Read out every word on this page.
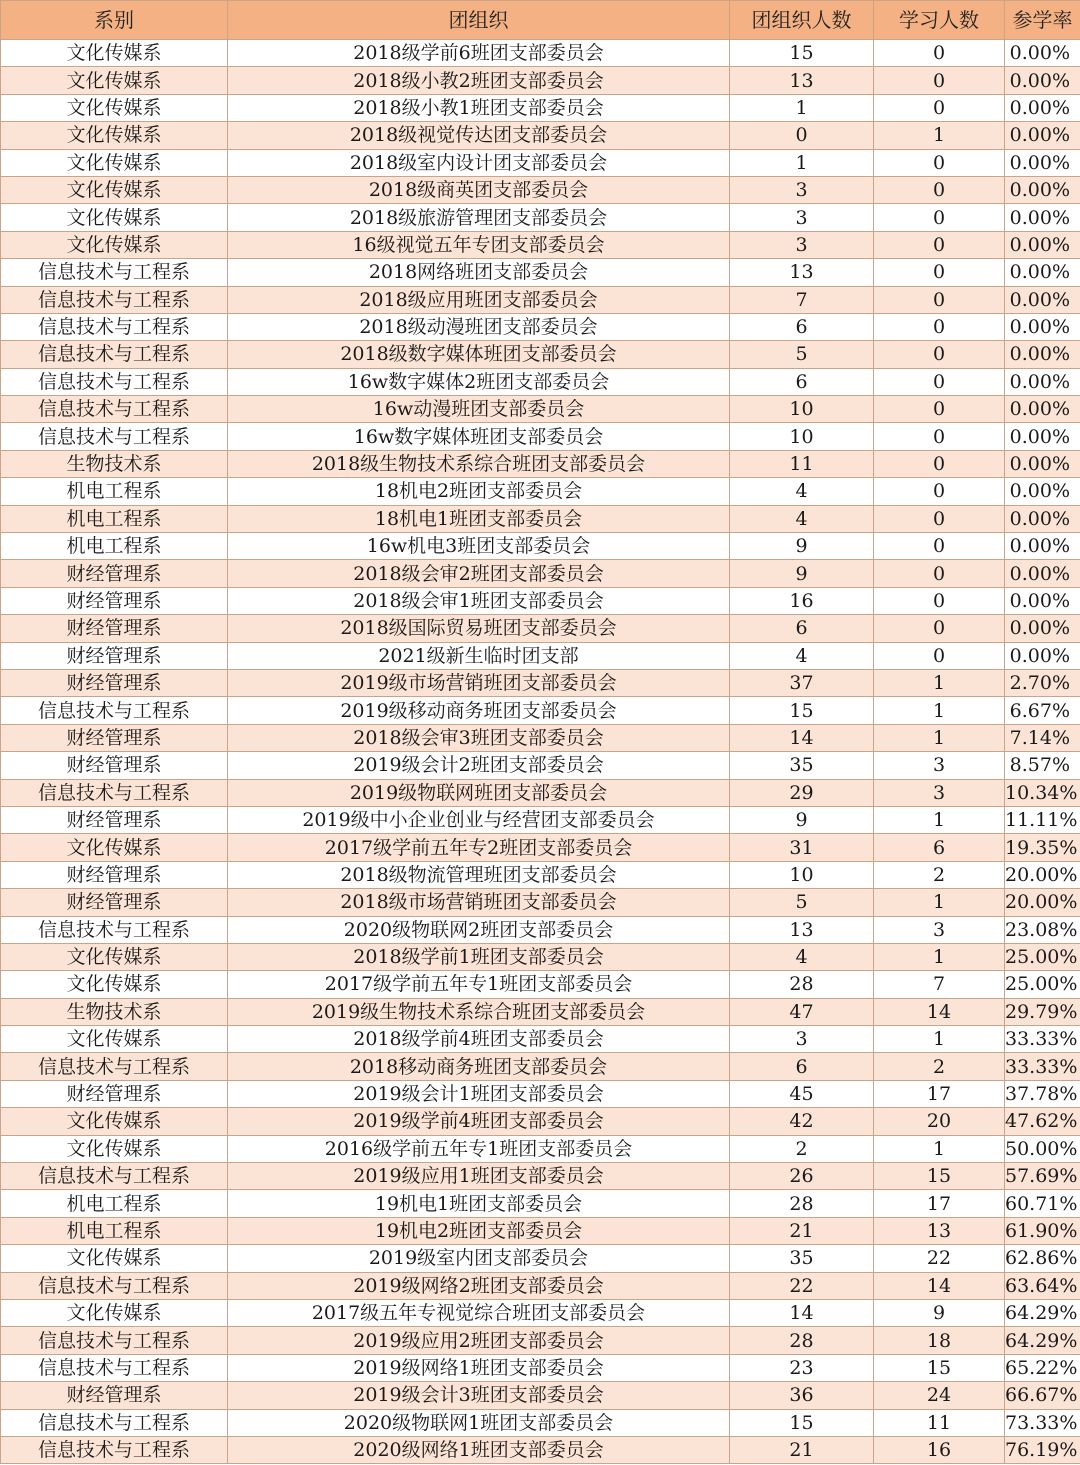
系别	团组织	团组织人数	学习人数	参学率
文化传媒系	2018级学前6班团支部委员会	15	0	0.00%
文化传媒系	2018级小教2班团支部委员会	13	0	0.00%
文化传媒系	2018级小教1班团支部委员会	1	0	0.00%
文化传媒系	2018级视觉传达团支部委员会	0	1	0.00%
文化传媒系	2018级室内设计团支部委员会	1	0	0.00%
文化传媒系	2018级商英团支部委员会	3	0	0.00%
文化传媒系	2018级旅游管理团支部委员会	3	0	0.00%
文化传媒系	16级视觉五年专团支部委员会	3	0	0.00%
信息技术与工程系	2018网络班团支部委员会	13	0	0.00%
信息技术与工程系	2018级应用班团支部委员会	7	0	0.00%
信息技术与工程系	2018级动漫班团支部委员会	6	0	0.00%
信息技术与工程系	2018级数字媒体班团支部委员会	5	0	0.00%
信息技术与工程系	16w数字媒体2班团支部委员会	6	0	0.00%
信息技术与工程系	16w动漫班团支部委员会	10	0	0.00%
信息技术与工程系	16w数字媒体班团支部委员会	10	0	0.00%
生物技术系	2018级生物技术系综合班团支部委员会	11	0	0.00%
机电工程系	18机电2班团支部委员会	4	0	0.00%
机电工程系	18机电1班团支部委员会	4	0	0.00%
机电工程系	16w机电3班团支部委员会	9	0	0.00%
财经管理系	2018级会审2班团支部委员会	9	0	0.00%
财经管理系	2018级会审1班团支部委员会	16	0	0.00%
财经管理系	2018级国际贸易班团支部委员会	6	0	0.00%
财经管理系	2021级新生临时团支部	4	0	0.00%
财经管理系	2019级市场营销班团支部委员会	37	1	2.70%
信息技术与工程系	2019级移动商务班团支部委员会	15	1	6.67%
财经管理系	2018级会审3班团支部委员会	14	1	7.14%
财经管理系	2019级会计2班团支部委员会	35	3	8.57%
信息技术与工程系	2019级物联网班团支部委员会	29	3	10.34%
财经管理系	2019级中小企业创业与经营团支部委员会	9	1	11.11%
文化传媒系	2017级学前五年专2班团支部委员会	31	6	19.35%
财经管理系	2018级物流管理班团支部委员会	10	2	20.00%
财经管理系	2018级市场营销班团支部委员会	5	1	20.00%
信息技术与工程系	2020级物联网2班团支部委员会	13	3	23.08%
文化传媒系	2018级学前1班团支部委员会	4	1	25.00%
文化传媒系	2017级学前五年专1班团支部委员会	28	7	25.00%
生物技术系	2019级生物技术系综合班团支部委员会	47	14	29.79%
文化传媒系	2018级学前4班团支部委员会	3	1	33.33%
信息技术与工程系	2018移动商务班团支部委员会	6	2	33.33%
财经管理系	2019级会计1班团支部委员会	45	17	37.78%
文化传媒系	2019级学前4班团支部委员会	42	20	47.62%
文化传媒系	2016级学前五年专1班团支部委员会	2	1	50.00%
信息技术与工程系	2019级应用1班团支部委员会	26	15	57.69%
机电工程系	19机电1班团支部委员会	28	17	60.71%
机电工程系	19机电2班团支部委员会	21	13	61.90%
文化传媒系	2019级室内团支部委员会	35	22	62.86%
信息技术与工程系	2019级网络2班团支部委员会	22	14	63.64%
文化传媒系	2017级五年专视觉综合班团支部委员会	14	9	64.29%
信息技术与工程系	2019级应用2班团支部委员会	28	18	64.29%
信息技术与工程系	2019级网络1班团支部委员会	23	15	65.22%
财经管理系	2019级会计3班团支部委员会	36	24	66.67%
信息技术与工程系	2020级物联网1班团支部委员会	15	11	73.33%
信息技术与工程系	2020级网络1班团支部委员会	21	16	76.19%
